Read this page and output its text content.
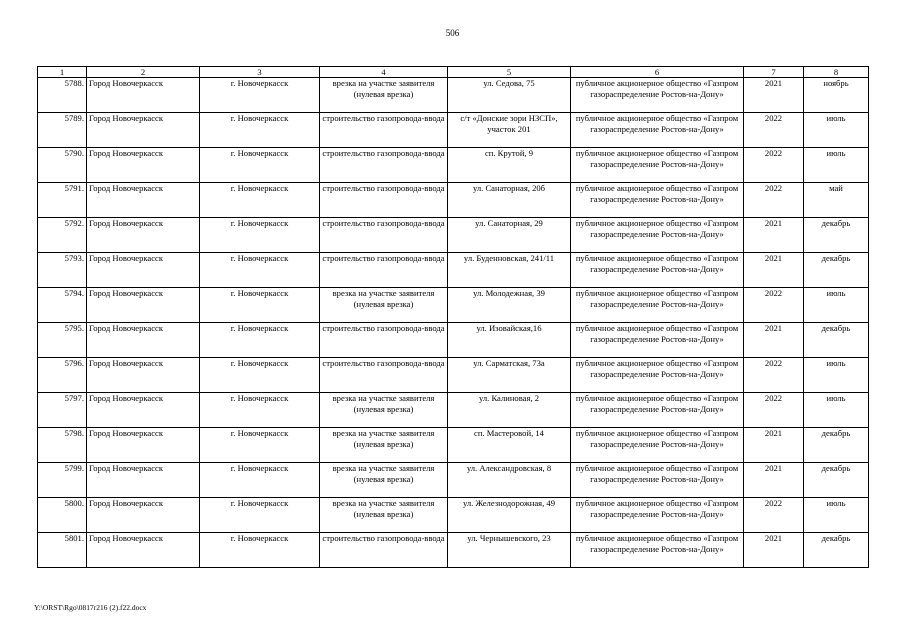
506
1	2	3	4	5	6	7	8
5788.	Город Новочеркасск	г. Новочеркасск	врезка на участке заявителя (нулевая врезка)	ул. Седова, 75	публичное акционерное общество «Газпром газораспределение Ростов-на-Дону»	2021	ноябрь
5789.	Город Новочеркасск	г. Новочеркасск	строительство газопровода-ввода	с/т «Донские зори НЗСП», участок 201	публичное акционерное общество «Газпром газораспределение Ростов-на-Дону»	2022	июль
5790.	Город Новочеркасск	г. Новочеркасск	строительство газопровода-ввода	сп. Крутой, 9	публичное акционерное общество «Газпром газораспределение Ростов-на-Дону»	2022	июль
5791.	Город Новочеркасск	г. Новочеркасск	строительство газопровода-ввода	ул. Санаторная, 20б	публичное акционерное общество «Газпром газораспределение Ростов-на-Дону»	2022	май
5792.	Город Новочеркасск	г. Новочеркасск	строительство газопровода-ввода	ул. Санаторная, 29	публичное акционерное общество «Газпром газораспределение Ростов-на-Дону»	2021	декабрь
5793.	Город Новочеркасск	г. Новочеркасск	строительство газопровода-ввода	ул. Буденновская, 241/11	публичное акционерное общество «Газпром газораспределение Ростов-на-Дону»	2021	декабрь
5794.	Город Новочеркасск	г. Новочеркасск	врезка на участке заявителя (нулевая врезка)	ул. Молодежная, 39	публичное акционерное общество «Газпром газораспределение Ростов-на-Дону»	2022	июль
5795.	Город Новочеркасск	г. Новочеркасск	строительство газопровода-ввода	ул. Изовайская,16	публичное акционерное общество «Газпром газораспределение Ростов-на-Дону»	2021	декабрь
5796.	Город Новочеркасск	г. Новочеркасск	строительство газопровода-ввода	ул. Сарматская, 73а	публичное акционерное общество «Газпром газораспределение Ростов-на-Дону»	2022	июль
5797.	Город Новочеркасск	г. Новочеркасск	врезка на участке заявителя (нулевая врезка)	ул. Калиновая, 2	публичное акционерное общество «Газпром газораспределение Ростов-на-Дону»	2022	июль
5798.	Город Новочеркасск	г. Новочеркасск	врезка на участке заявителя (нулевая врезка)	сп. Мастеровой, 14	публичное акционерное общество «Газпром газораспределение Ростов-на-Дону»	2021	декабрь
5799.	Город Новочеркасск	г. Новочеркасск	врезка на участке заявителя (нулевая врезка)	ул. Александровская, 8	публичное акционерное общество «Газпром газораспределение Ростов-на-Дону»	2021	декабрь
5800.	Город Новочеркасск	г. Новочеркасск	врезка на участке заявителя (нулевая врезка)	ул. Железнодорожная, 49	публичное акционерное общество «Газпром газораспределение Ростов-на-Дону»	2022	июль
5801.	Город Новочеркасск	г. Новочеркасск	строительство газопровода-ввода	ул. Чернышевского, 23	публичное акционерное общество «Газпром газораспределение Ростов-на-Дону»	2021	декабрь
Y:\ORST\Rgo\0817r216 (2).f22.docx
